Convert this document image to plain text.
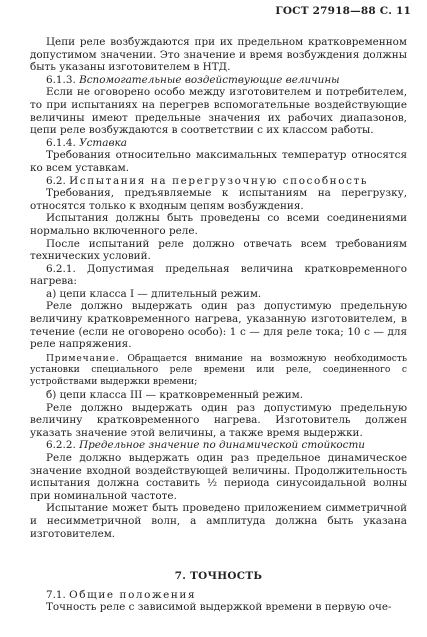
ГОСТ 27918—88 С. 11

Цепи реле возбуждаются при их предельном кратковременном допустимом значении. Это значение и время возбуждения должны быть указаны изготовителем в НТД.

6.1.3. Вспомогательные воздействующие величины

Если не оговорено особо между изготовителем и потребителем, то при испытаниях на перегрев вспомогательные воздействующие величины имеют предельные значения их рабочих диапазонов, цепи реле возбуждаются в соответствии с их классом работы.

6.1.4. Уставка

Требования относительно максимальных температур относятся ко всем уставкам.

6.2. Испытания на перегрузочную способность

Требования, предъявляемые к испытаниям на перегрузку, относятся только к входным цепям возбуждения.

Испытания должны быть проведены со всеми соединениями нормально включенного реле.

После испытаний реле должно отвечать всем требованиям технических условий.

6.2.1. Допустимая предельная величина кратковременного нагрева:

а) цепи класса I — длительный режим.

Реле должно выдержать один раз допустимую предельную величину кратковременного нагрева, указанную изготовителем, в течение (если не оговорено особо): 1 с — для реле тока; 10 с — для реле напряжения.

Примечание. Обращается внимание на возможную необходимость установки специального реле времени или реле, соединенного с устройствами выдержки времени;

б) цепи класса III — кратковременный режим.

Реле должно выдержать один раз допустимую предельную величину кратковременного нагрева. Изготовитель должен указать значение этой величины, а также время выдержки.

6.2.2. Предельное значение по динамической стойкости

Реле должно выдержать один раз предельное динамическое значение входной воздействующей величины. Продолжительность испытания должна составить ½ периода синусоидальной волны при номинальной частоте.

Испытание может быть проведено приложением симметричной и несимметричной волн, а амплитуда должна быть указана изготовителем.

7. ТОЧНОСТЬ

7.1. Общие положения

Точность реле с зависимой выдержкой времени в первую оче-
